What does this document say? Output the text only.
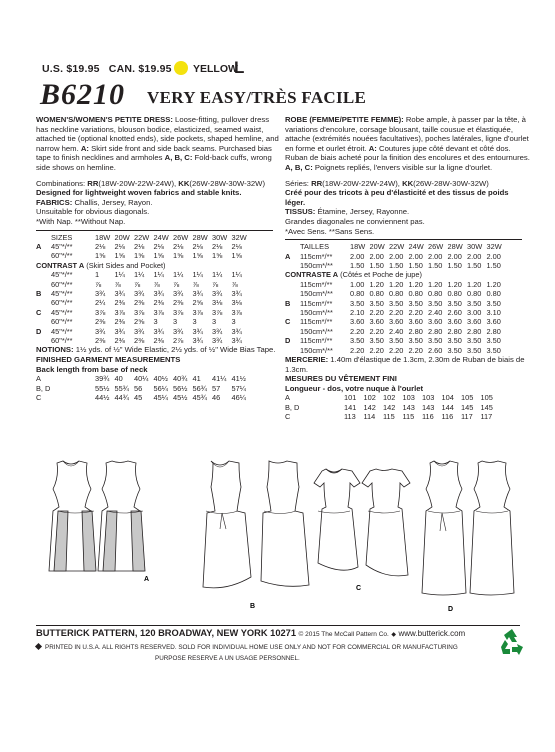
U.S. $19.95 CAN. $19.95	YELLOW
L
B6210 VERY EASY/TRÈS FACILE
WOMEN'S/WOMEN'S PETITE DRESS: Loose-fitting, pullover dress has neckline variations, blouson bodice, elasticized, seamed waist, attached tie (optional knotted ends), side pockets, shaped hemline, and narrow hem. A: Skirt side front and side back seams. Purchased bias tape to finish necklines and armholes A, B, C: Fold-back cuffs, wrong side shows on hemline.
Combinations: RR(18W-20W-22W-24W), KK(26W-28W-30W-32W)
Designed for lightweight woven fabrics and stable knits.
FABRICS: Challis, Jersey, Rayon.
Unsuitable for obvious diagonals.
*With Nap. **Without Nap.
	SIZES	18W	20W	22W	24W	26W	28W	30W	32W
A	45"*/**	2⅛	2⅛	2⅛	2⅛	2⅛	2⅛	2⅛	2⅛
	60"*/**	1⅝	1⅝	1⅝	1⅝	1⅝	1⅝	1⅝	1⅝
CONTRAST A (Skirt Sides and Pocket)									
	45"*/**	1	1¼	1¼	1¼	1¼	1¼	1¼	1¼
	60"*/**	⅞	⅞	⅞	⅞	⅞	⅞	⅞	⅞
B	45"*/**	3¾	3¾	3¾	3¾	3¾	3¾	3¾	3¾
	60"*/**	2¼	2⅜	2⅜	2⅜	2⅜	2⅝	3⅛	3⅛
C	45"*/**	3⅞	3⅞	3⅞	3⅞	3⅞	3⅞	3⅞	3⅞
	60"*/**	2⅜	2⅜	2⅝	3	3	3	3	3
D	45"*/**	3¾	3¾	3¾	3¾	3¾	3¾	3¾	3¾
	60"*/**	2⅜	2⅜	2⅜	2⅜	2⅞	3¾	3¾	3¾
NOTIONS: 1½ yds. of ½" Wide Elastic, 2½ yds. of ½" Wide Bias Tape.
FINISHED GARMENT MEASUREMENTS
Back length from base of neck
A	39¾	40	40¼	40½	40¾	41	41¼	41½
B, D	55½	55¾	56	56¼	56½	56¾	57	57¼
C	44½	44¾	45	45¼	45½	45¾	46	46¼
ROBE (FEMME/PETITE FEMME): Robe ample, à passer par la tête, à variations d'encolure, corsage blousant, taille cousue et élastiquée, attache (extrémités nouées facultatives), poches latérales, ligne d'ourlet en forme et ourlet étroit. A: Coutures jupe côté devant et côté dos. Ruban de biais acheté pour la finition des encolures et des entournures. A, B, C: Poignets repliés, l'envers visible sur la ligne d'ourlet.
Séries: RR(18W-20W-22W-24W), KK(26W-28W-30W-32W)
Créé pour des tricots à peu d'élasticité et des tissus de poids léger.
TISSUS: Étamine, Jersey, Rayonne.
Grandes diagonales ne conviennent pas.
*Avec Sens. **Sans Sens.
	TAILLES	18W	20W	22W	24W	26W	28W	30W	32W
A	115cm*/**	2.00	2.00	2.00	2.00	2.00	2.00	2.00	2.00
	150cm*/**	1.50	1.50	1.50	1.50	1.50	1.50	1.50	1.50
CONTRASTE A (Côtés et Poche de jupe)									
	115cm*/**	1.00	1.20	1.20	1.20	1.20	1.20	1.20	1.20
	150cm*/**	0.80	0.80	0.80	0.80	0.80	0.80	0.80	0.80
B	115cm*/**	3.50	3.50	3.50	3.50	3.50	3.50	3.50	3.50
	150cm*/**	2.10	2.20	2.20	2.20	2.40	2.60	3.00	3.10
C	115cm*/**	3.60	3.60	3.60	3.60	3.60	3.60	3.60	3.60
	150cm*/**	2.20	2.20	2.40	2.80	2.80	2.80	2.80	2.80
D	115cm*/**	3.50	3.50	3.50	3.50	3.50	3.50	3.50	3.50
	150cm*/**	2.20	2.20	2.20	2.20	2.60	3.50	3.50	3.50
MERCERIE: 1.40m d'élastique de 1.3cm, 2.30m de Ruban de biais de 1.3cm.
MESURES DU VÊTEMENT FINI
Longueur - dos, votre nuque à l'ourlet
A	101	102	102	103	103	104	105	105
B, D	141	142	142	143	143	144	145	145
C	113	114	115	115	116	116	117	117
A
B
C
D
BUTTERICK PATTERN, 120 BROADWAY, NEW YORK 10271 © 2015 The McCall Pattern Co. ◆ www.butterick.com
PRINTED IN U.S.A. ALL RIGHTS RESERVED. SOLD FOR INDIVIDUAL HOME USE ONLY AND NOT FOR COMMERCIAL OR MANUFACTURING
PURPOSE RESERVE A UN USAGE PERSONNEL.
